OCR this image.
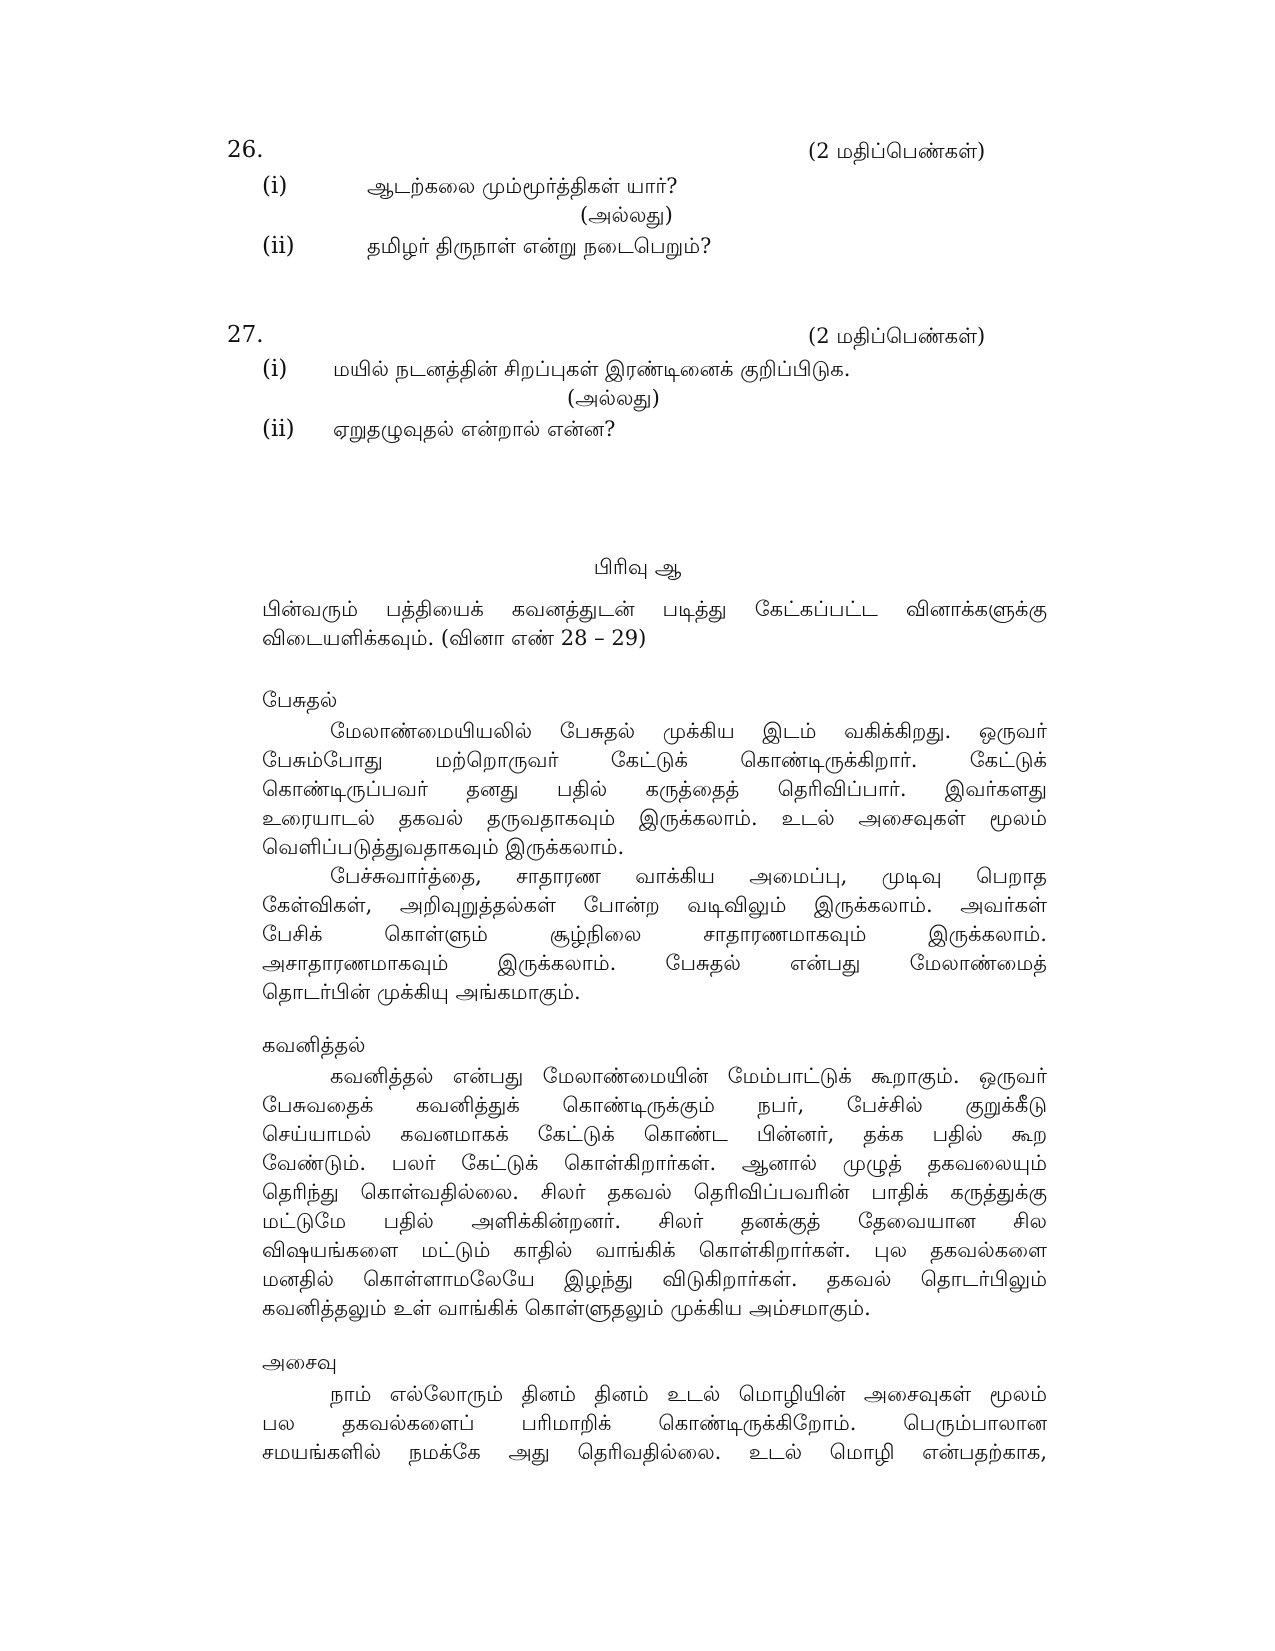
26.	(2 மதிப்பெண்கள்)
(i)	ஆடற்கலை மும்மூர்த்திகள் யார்?
(அல்லது)
(ii)	தமிழர் திருநாள் என்று நடைபெறும்?
27.	(2 மதிப்பெண்கள்)
(i) மயில் நடனத்தின் சிறப்புகள் இரண்டினைக் குறிப்பிடுக.
(அல்லது)
(ii) ஏறுதழுவுதல் என்றால் என்ன?
பிரிவு ஆ
பின்வரும் பத்தியைக் கவனத்துடன் படித்து கேட்கப்பட்ட வினாக்களுக்கு
விடையளிக்கவும். (வினா எண் 28 – 29)
பேசுதல்
மேலாண்மையியலில் பேசுதல் முக்கிய இடம் வகிக்கிறது. ஒருவர்
பேசும்போது மற்றொருவர் கேட்டுக் கொண்டிருக்கிறார். கேட்டுக்
கொண்டிருப்பவர் தனது பதில் கருத்தைத் தெரிவிப்பார். இவர்களது
உரையாடல் தகவல் தருவதாகவும் இருக்கலாம். உடல் அசைவுகள் மூலம்
வெளிப்படுத்துவதாகவும் இருக்கலாம்.
பேச்சுவார்த்தை, சாதாரண வாக்கிய அமைப்பு, முடிவு பெறாத
கேள்விகள், அறிவுறுத்தல்கள் போன்ற வடிவிலும் இருக்கலாம். அவர்கள்
பேசிக் கொள்ளும் சூழ்நிலை சாதாரணமாகவும் இருக்கலாம்.
அசாதாரணமாகவும் இருக்கலாம். பேசுதல் என்பது மேலாண்மைத்
தொடர்பின் முக்கியு அங்கமாகும்.
கவனித்தல்
கவனித்தல் என்பது மேலாண்மையின் மேம்பாட்டுக் கூறாகும். ஒருவர்
பேசுவதைக் கவனித்துக் கொண்டிருக்கும் நபர், பேச்சில் குறுக்கீடு
செய்யாமல் கவனமாகக் கேட்டுக் கொண்ட பின்னர், தக்க பதில் கூற
வேண்டும். பலர் கேட்டுக் கொள்கிறார்கள். ஆனால் முழுத் தகவலையும்
தெரிந்து கொள்வதில்லை. சிலர் தகவல் தெரிவிப்பவரின் பாதிக் கருத்துக்கு
மட்டுமே பதில் அளிக்கின்றனர். சிலர் தனக்குத் தேவையான சில
விஷயங்களை மட்டும் காதில் வாங்கிக் கொள்கிறார்கள். புல தகவல்களை
மனதில் கொள்ளாமலேயே இழந்து விடுகிறார்கள். தகவல் தொடர்பிலும்
கவனித்தலும் உள் வாங்கிக் கொள்ளுதலும் முக்கிய அம்சமாகும்.
அசைவு
நாம் எல்லோரும் தினம் தினம் உடல் மொழியின் அசைவுகள் மூலம்
பல தகவல்களைப் பரிமாறிக் கொண்டிருக்கிறோம். பெரும்பாலான
சமயங்களில் நமக்கே அது தெரிவதில்லை. உடல் மொழி என்பதற்காக,
